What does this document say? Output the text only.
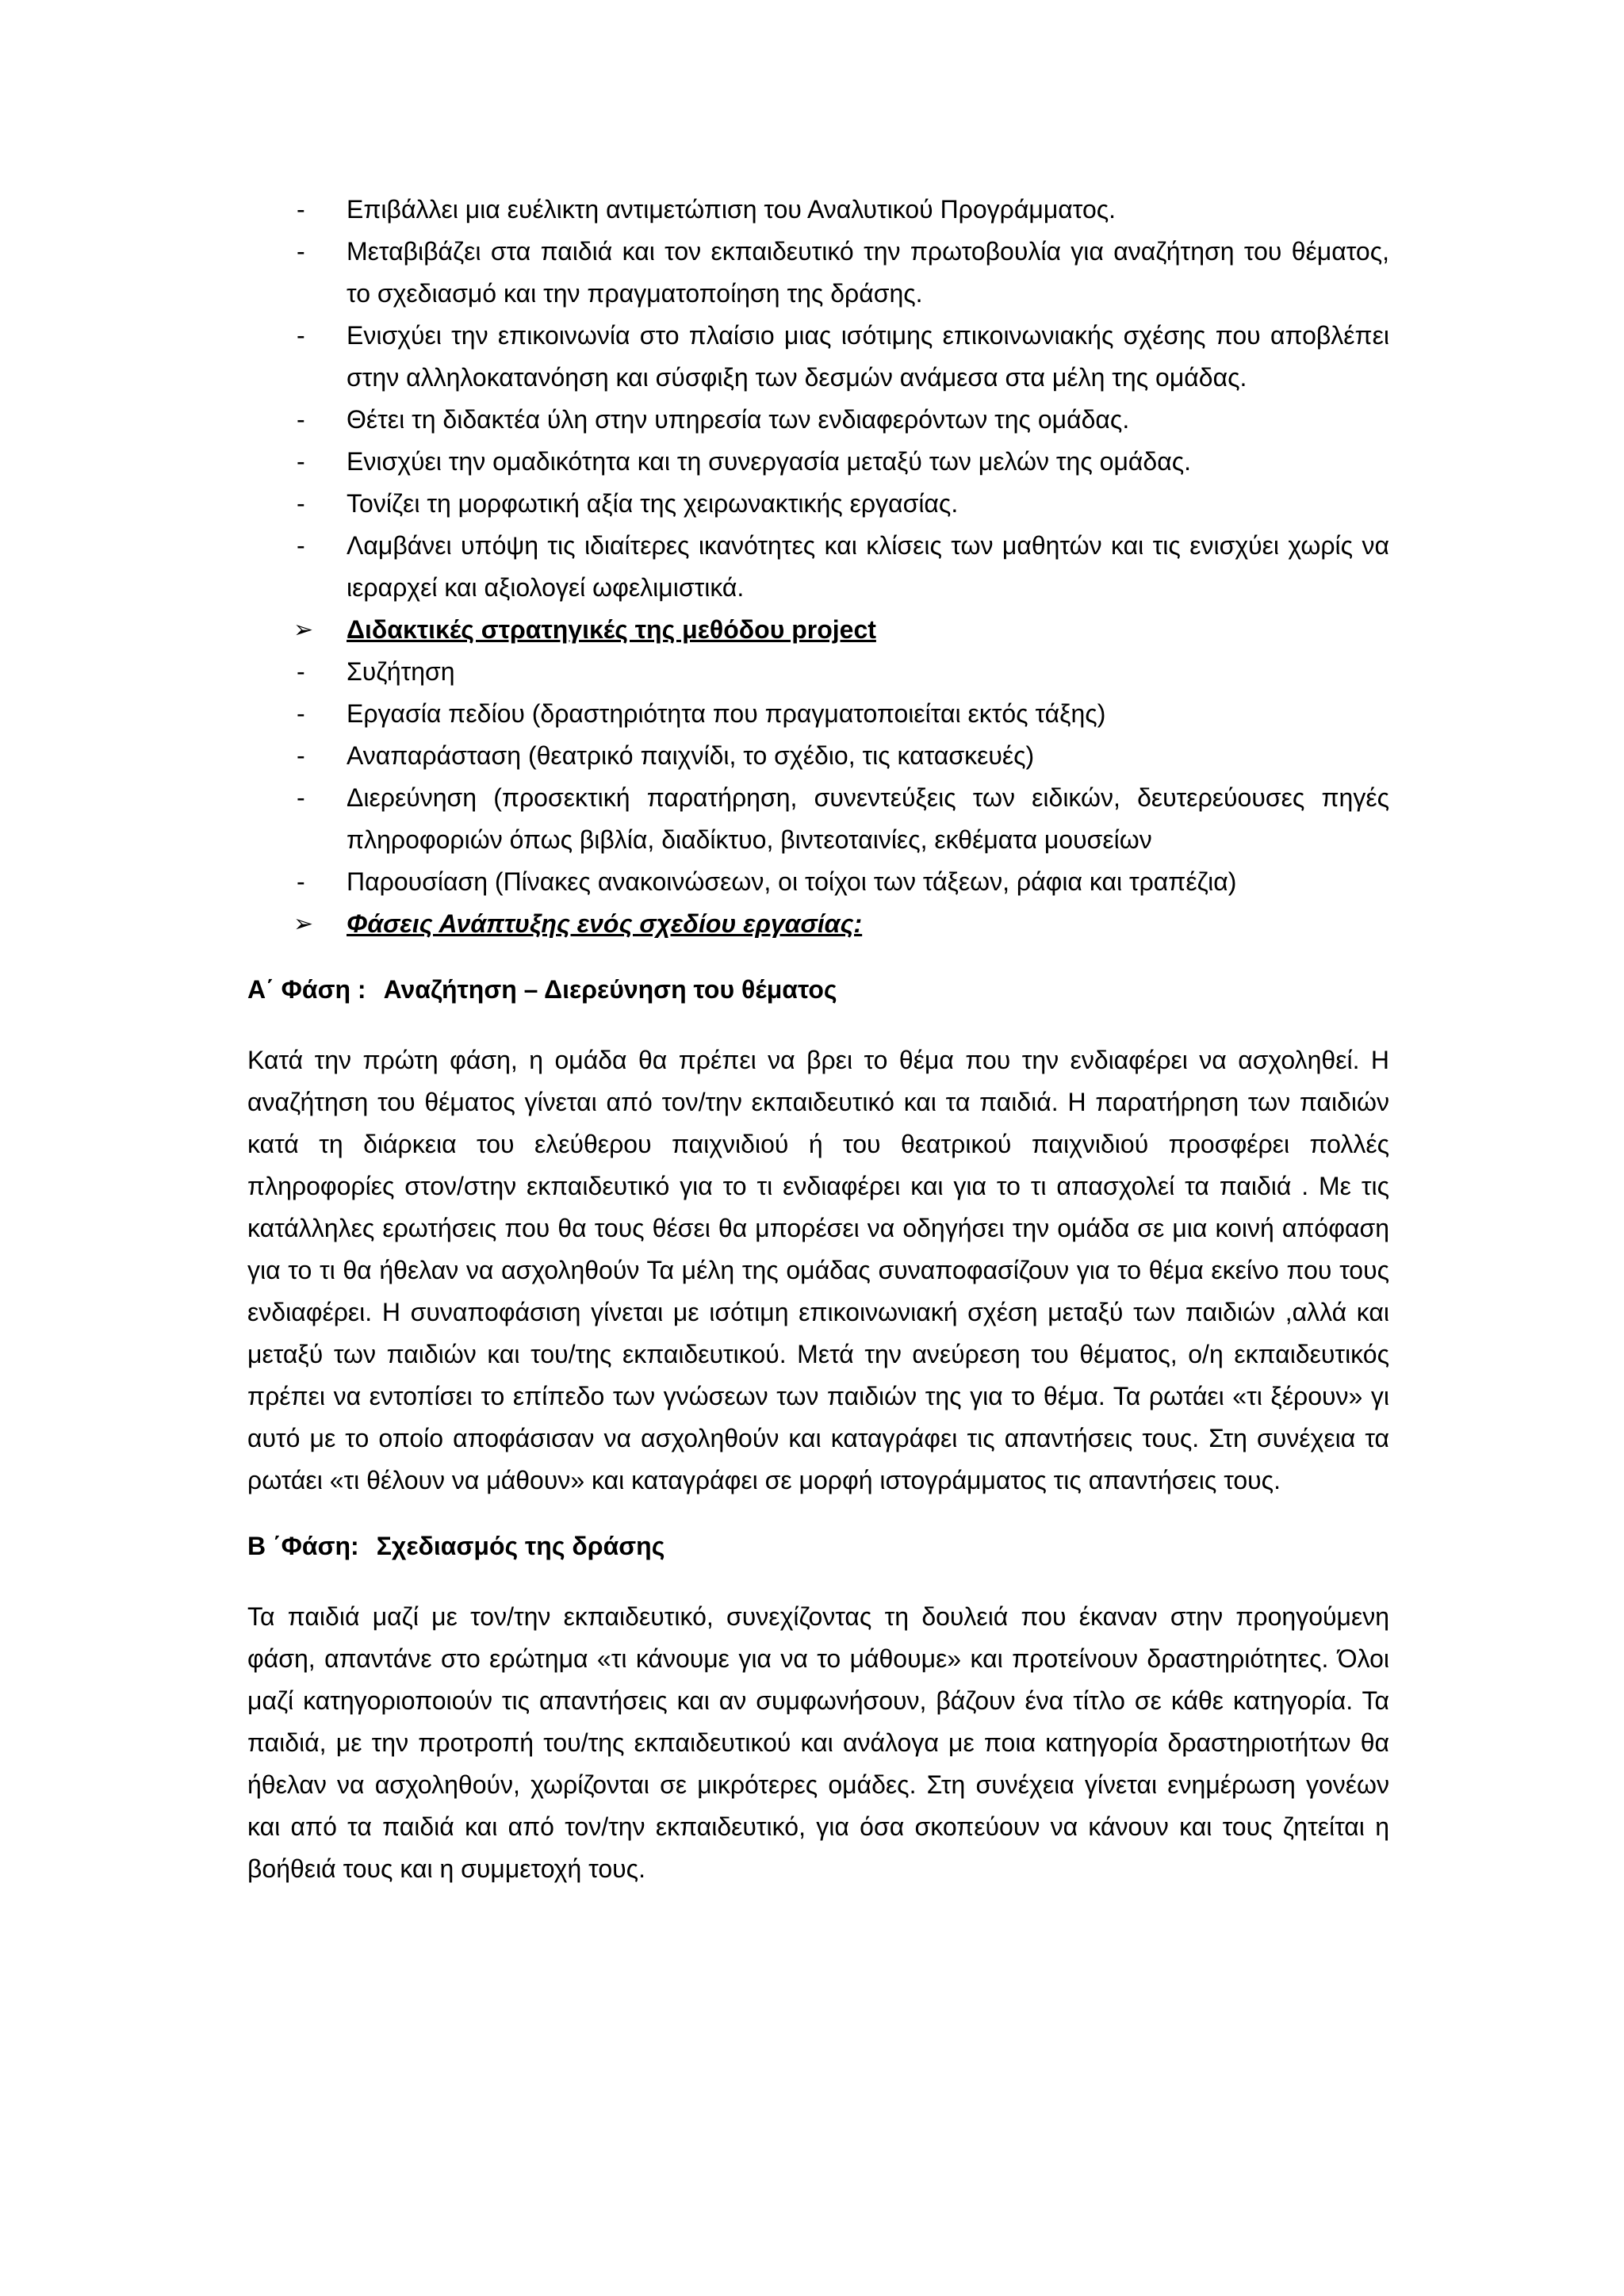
- Επιβάλλει μια ευέλικτη αντιμετώπιση του Αναλυτικού Προγράμματος.
- Μεταβιβάζει στα παιδιά και τον εκπαιδευτικό την πρωτοβουλία για αναζήτηση του θέματος, το σχεδιασμό και την πραγματοποίηση της δράσης.
- Ενισχύει την επικοινωνία στο πλαίσιο μιας ισότιμης επικοινωνιακής σχέσης που αποβλέπει στην αλληλοκατανόηση και σύσφιξη των δεσμών ανάμεσα στα μέλη της ομάδας.
- Θέτει τη διδακτέα ύλη στην υπηρεσία των ενδιαφερόντων της ομάδας.
- Ενισχύει την ομαδικότητα και τη συνεργασία μεταξύ των μελών της ομάδας.
- Τονίζει τη μορφωτική αξία της χειρωνακτικής εργασίας.
- Λαμβάνει υπόψη τις ιδιαίτερες ικανότητες και κλίσεις των μαθητών και τις ενισχύει χωρίς να ιεραρχεί και αξιολογεί ωφελιμιστικά.
➢ Διδακτικές στρατηγικές της μεθόδου project
- Συζήτηση
- Εργασία πεδίου (δραστηριότητα που πραγματοποιείται εκτός τάξης)
- Αναπαράσταση (θεατρικό παιχνίδι, το σχέδιο, τις κατασκευές)
- Διερεύνηση (προσεκτική παρατήρηση, συνεντεύξεις των ειδικών, δευτερεύουσες πηγές πληροφοριών όπως βιβλία, διαδίκτυο, βιντεοταινίες, εκθέματα μουσείων
- Παρουσίαση (Πίνακες ανακοινώσεων, οι τοίχοι των τάξεων, ράφια και τραπέζια)
➢ Φάσεις Ανάπτυξης ενός σχεδίου εργασίας:
Α΄ Φάση : Αναζήτηση – Διερεύνηση του θέματος
Κατά την πρώτη φάση, η ομάδα θα πρέπει να βρει το θέμα που την ενδιαφέρει να ασχοληθεί. Η αναζήτηση του θέματος γίνεται από τον/την εκπαιδευτικό και τα παιδιά. Η παρατήρηση των παιδιών κατά τη διάρκεια του ελεύθερου παιχνιδιού ή του θεατρικού παιχνιδιού προσφέρει πολλές πληροφορίες στον/στην εκπαιδευτικό για το τι ενδιαφέρει και για το τι απασχολεί τα παιδιά . Με τις κατάλληλες ερωτήσεις που θα τους θέσει θα μπορέσει να οδηγήσει την ομάδα σε μια κοινή απόφαση για το τι θα ήθελαν να ασχοληθούν Τα μέλη της ομάδας συναποφασίζουν για το θέμα εκείνο που τους ενδιαφέρει. Η συναποφάσιση γίνεται με ισότιμη επικοινωνιακή σχέση μεταξύ των παιδιών ,αλλά και μεταξύ των παιδιών και του/της εκπαιδευτικού. Μετά την ανεύρεση του θέματος, ο/η εκπαιδευτικός πρέπει να εντοπίσει το επίπεδο των γνώσεων των παιδιών της για το θέμα. Τα ρωτάει «τι ξέρουν» γι αυτό με το οποίο αποφάσισαν να ασχοληθούν και καταγράφει τις απαντήσεις τους. Στη συνέχεια τα ρωτάει «τι θέλουν να μάθουν» και καταγράφει σε μορφή ιστογράμματος τις απαντήσεις τους.
Β ΄Φάση: Σχεδιασμός της δράσης
Τα παιδιά μαζί με τον/την εκπαιδευτικό, συνεχίζοντας τη δουλειά που έκαναν στην προηγούμενη φάση, απαντάνε στο ερώτημα «τι κάνουμε για να το μάθουμε» και προτείνουν δραστηριότητες. Όλοι μαζί κατηγοριοποιούν τις απαντήσεις και αν συμφωνήσουν, βάζουν ένα τίτλο σε κάθε κατηγορία. Τα παιδιά, με την προτροπή του/της εκπαιδευτικού και ανάλογα με ποια κατηγορία δραστηριοτήτων θα ήθελαν να ασχοληθούν, χωρίζονται σε μικρότερες ομάδες. Στη συνέχεια γίνεται ενημέρωση γονέων και από τα παιδιά και από τον/την εκπαιδευτικό, για όσα σκοπεύουν να κάνουν και τους ζητείται η βοήθειά τους και η συμμετοχή τους.
